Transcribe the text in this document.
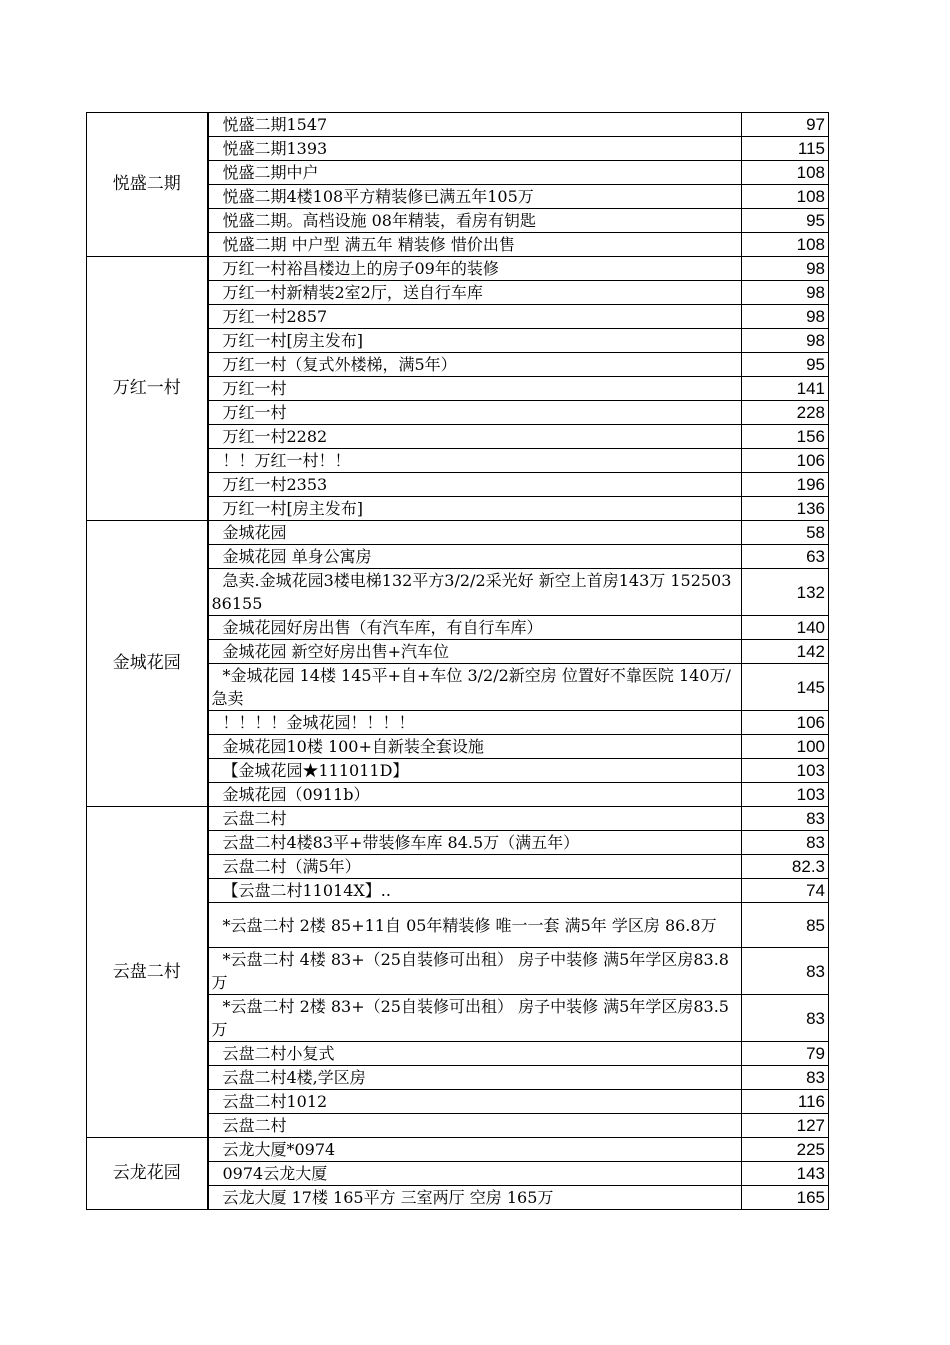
悦盛二期	悦盛二期1547	97
	悦盛二期1393	115
	悦盛二期中户	108
	悦盛二期4楼108平方精装修已满五年105万	108
	悦盛二期。高档设施 08年精装，看房有钥匙	95
	悦盛二期 中户型 满五年 精装修 惜价出售	108
万红一村	万红一村裕昌楼边上的房子09年的装修	98
	万红一村新精装2室2厅，送自行车库	98
	万红一村2857	98
	万红一村[房主发布]	98
	万红一村（复式外楼梯，满5年）	95
	万红一村	141
	万红一村	228
	万红一村2282	156
	！！万红一村！！	106
	万红一村2353	196
	万红一村[房主发布]	136
金城花园	金城花园	58
	金城花园 单身公寓房	63
	急卖.金城花园3楼电梯132平方3/2/2采光好 新空上首房143万 15250386155	132
	金城花园好房出售（有汽车库，有自行车库）	140
	金城花园 新空好房出售+汽车位	142
	*金城花园 14楼 145平+自+车位 3/2/2新空房 位置好不靠医院 140万/急卖	145
	！！！！金城花园！！！！	106
	金城花园10楼 100+自新装全套设施	100
	【金城花园★111011D】	103
	金城花园（0911b）	103
云盘二村	云盘二村	83
	云盘二村4楼83平+带装修车库 84.5万（满五年）	83
	云盘二村（满5年）	82.3
	【云盘二村11014X】..	74
	*云盘二村 2楼 85+11自 05年精装修 唯一一套 满5年 学区房 86.8万	85
	*云盘二村 4楼 83+（25自装修可出租） 房子中装修 满5年学区房83.8万	83
	*云盘二村 2楼 83+（25自装修可出租） 房子中装修 满5年学区房83.5万	83
	云盘二村小复式	79
	云盘二村4楼,学区房	83
	云盘二村1012	116
	云盘二村	127
云龙花园	云龙大厦*0974	225
	0974云龙大厦	143
	云龙大厦 17楼 165平方 三室两厅 空房 165万	165
